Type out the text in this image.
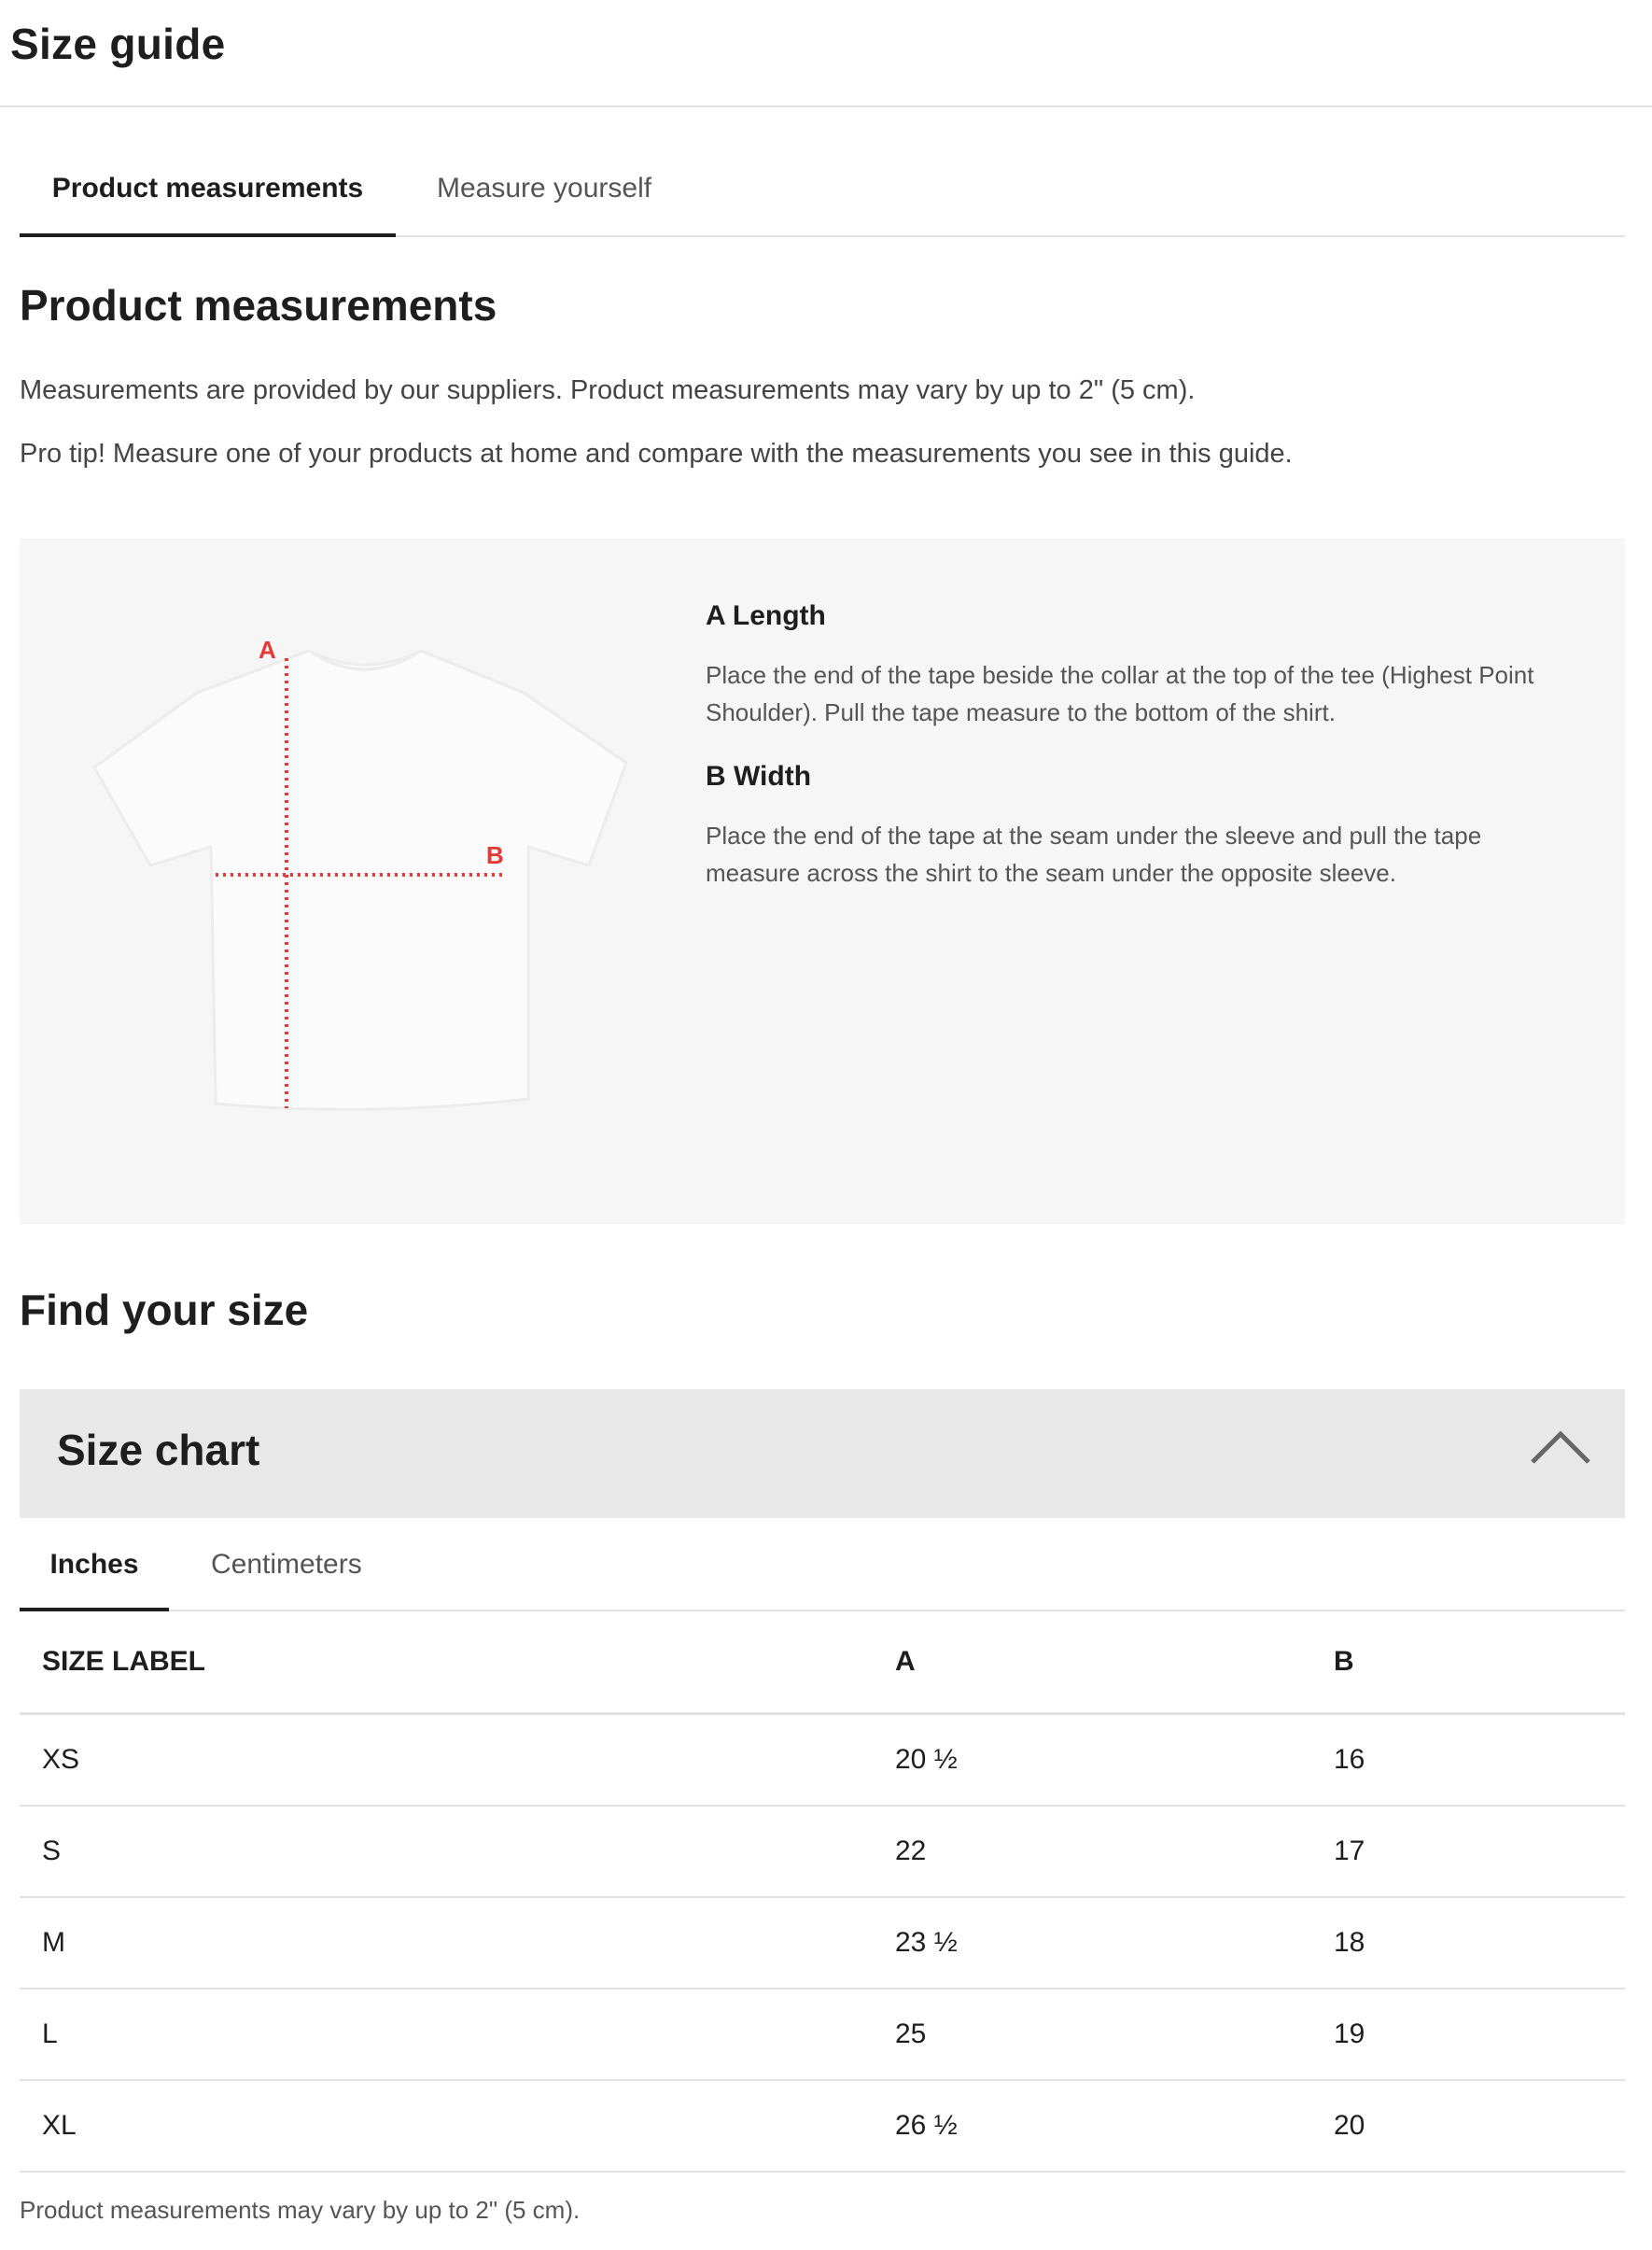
Size guide
Product measurements	Measure yourself
Product measurements

Measurements are provided by our suppliers. Product measurements may vary by up to 2" (5 cm).

Pro tip! Measure one of your products at home and compare with the measurements you see in this guide.

A
B
A Length
Place the end of the tape beside the collar at the top of the tee (Highest Point Shoulder). Pull the tape measure to the bottom of the shirt.
B Width
Place the end of the tape at the seam under the sleeve and pull the tape measure across the shirt to the seam under the opposite sleeve.
Find your size
Size chart
Inches	Centimeters
SIZE LABEL	A	B
XS	20 ½	16
S	22	17
M	23 ½	18
L	25	19
XL	26 ½	20
Product measurements may vary by up to 2" (5 cm).
